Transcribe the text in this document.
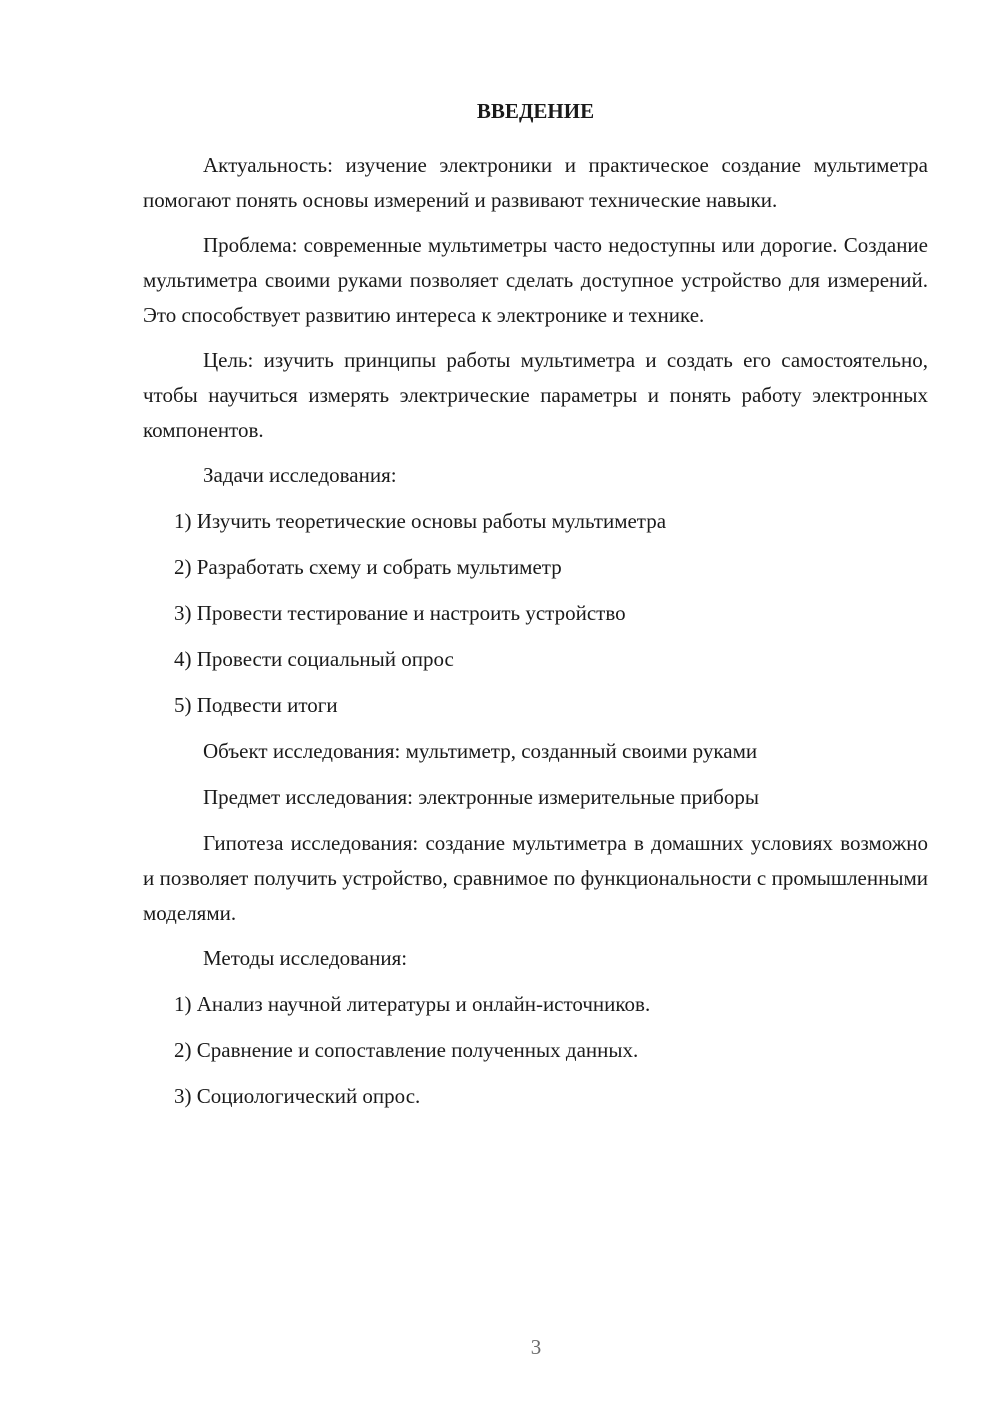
ВВЕДЕНИЕ

Актуальность: изучение электроники и практическое создание мультиметра помогают понять основы измерений и развивают технические навыки.

Проблема: современные мультиметры часто недоступны или дорогие. Создание мультиметра своими руками позволяет сделать доступное устройство для измерений. Это способствует развитию интереса к электронике и технике.

Цель: изучить принципы работы мультиметра и создать его самостоятельно, чтобы научиться измерять электрические параметры и понять работу электронных компонентов.

Задачи исследования:
1) Изучить теоретические основы работы мультиметра
2) Разработать схему и собрать мультиметр
3) Провести тестирование и настроить устройство
4) Провести социальный опрос
5) Подвести итоги
Объект исследования: мультиметр, созданный своими руками
Предмет исследования: электронные измерительные приборы

Гипотеза исследования: создание мультиметра в домашних условиях возможно и позволяет получить устройство, сравнимое по функциональности с промышленными моделями.

Методы исследования:
1) Анализ научной литературы и онлайн-источников.
2) Сравнение и сопоставление полученных данных.
3) Социологический опрос.
3
